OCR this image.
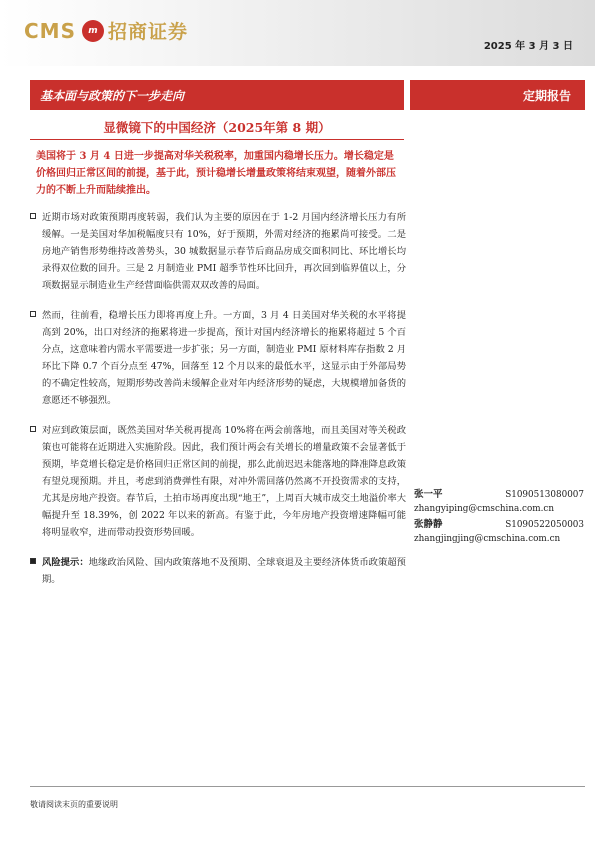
CMS m 招商证券
2025 年 3 月 3 日
基本面与政策的下一步走向	定期报告
显微镜下的中国经济（2025年第 8 期）
美国将于 3 月 4 日进一步提高对华关税税率，加重国内稳增长压力。增长稳定是价格回归正常区间的前提，基于此，预计稳增长增量政策将结束观望，随着外部压力的不断上升而陆续推出。
近期市场对政策预期再度转弱，我们认为主要的原因在于 1-2 月国内经济增长压力有所缓解。一是美国对华加税幅度只有 10%，好于预期，外需对经济的拖累尚可接受。二是房地产销售形势维持改善势头，30 城数据显示春节后商品房成交面积同比、环比增长均录得双位数的回升。三是 2 月制造业 PMI 超季节性环比回升，再次回到临界值以上，分项数据显示制造业生产经营面临供需双双改善的局面。
然而，往前看，稳增长压力即将再度上升。一方面，3 月 4 日美国对华关税的水平将提高到 20%，出口对经济的拖累将进一步提高，预计对国内经济增长的拖累将超过 5 个百分点，这意味着内需水平需要进一步扩张；另一方面，制造业 PMI 原材料库存指数 2 月环比下降 0.7 个百分点至 47%，回落至 12 个月以来的最低水平，这显示由于外部局势的不确定性较高，短期形势改善尚未缓解企业对年内经济形势的疑虑，大规模增加备货的意愿还不够强烈。
对应到政策层面，既然美国对华关税再提高 10%将在两会前落地，而且美国对等关税政策也可能将在近期进入实施阶段。因此，我们预计两会有关增长的增量政策不会显著低于预期，毕竟增长稳定是价格回归正常区间的前提，那么此前迟迟未能落地的降准降息政策有望兑现预期。并且，考虑到消费弹性有限，对冲外需回落仍然离不开投资需求的支持，尤其是房地产投资。春节后，土拍市场再度出现“地王”，上周百大城市成交土地溢价率大幅提升至 18.39%，创 2022 年以来的新高。有鉴于此，今年房地产投资增速降幅可能将明显收窄，进而带动投资形势回暖。
风险提示：地缘政治风险、国内政策落地不及预期、全球衰退及主要经济体货币政策超预期。
张一平	S1090513080007
zhangyiping@cmschina.com.cn
张静静	S1090522050003
zhangjingjing@cmschina.com.cn
敬请阅读末页的重要说明
